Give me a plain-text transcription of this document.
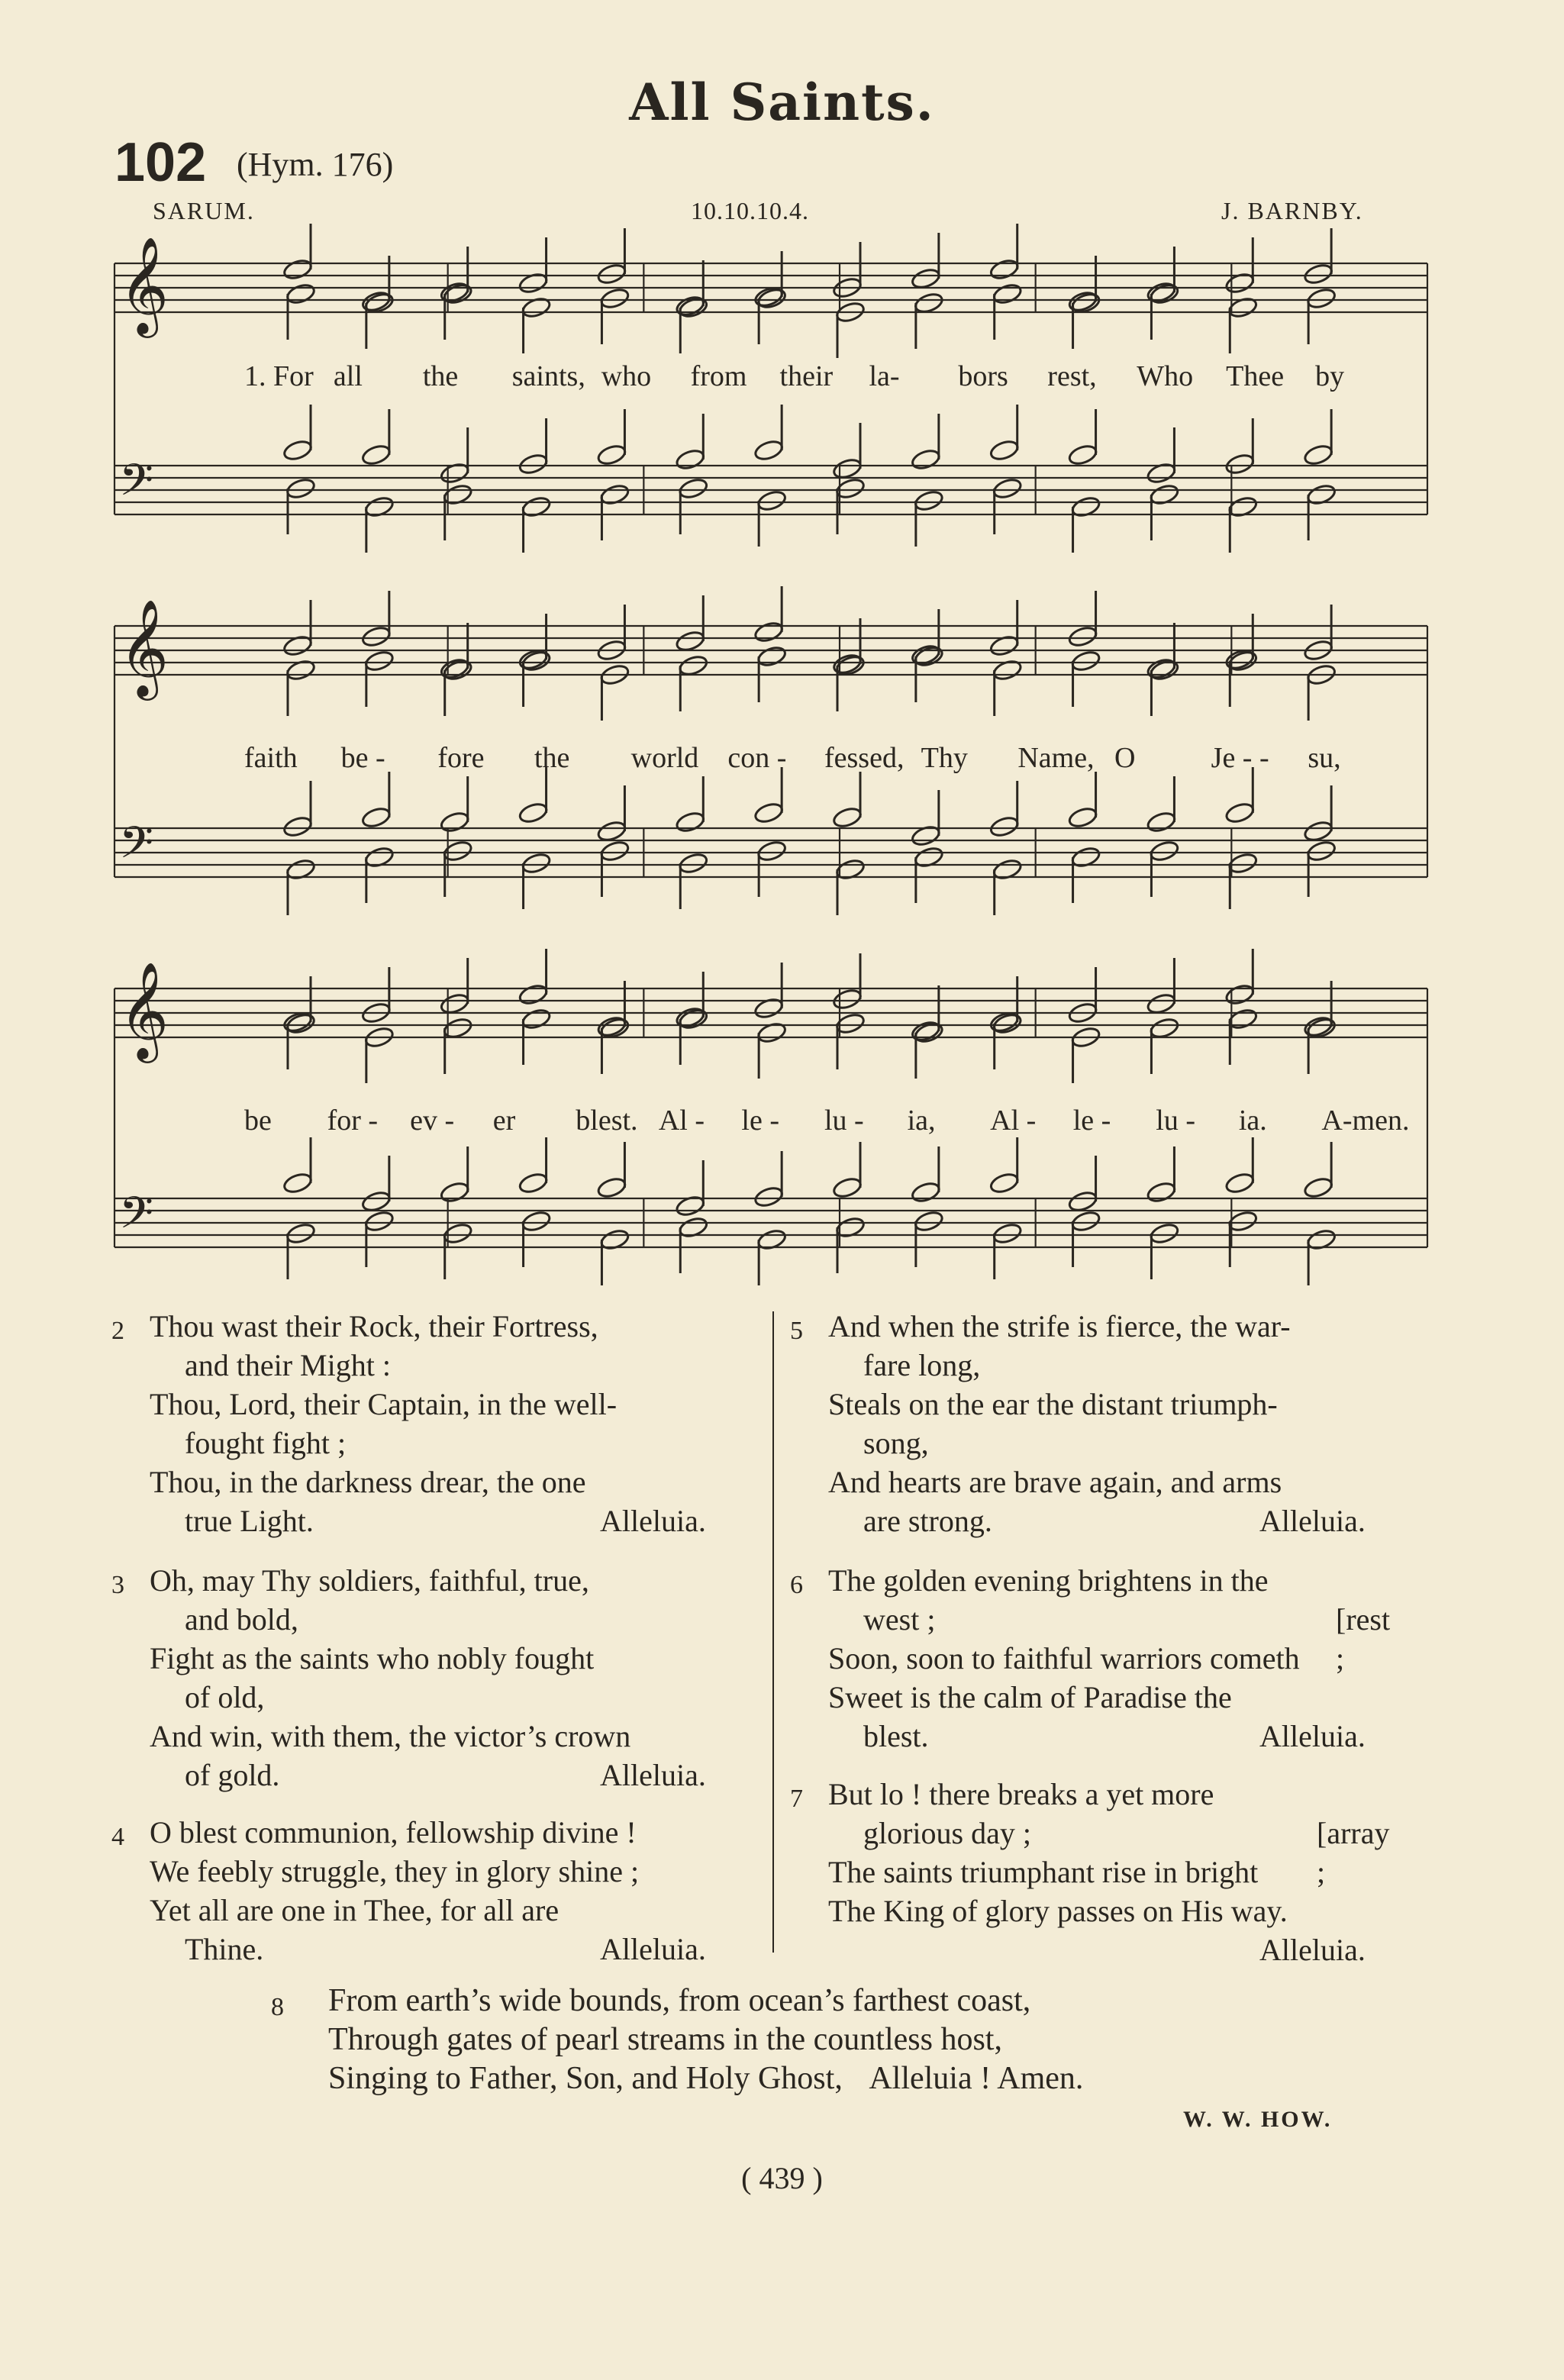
All Saints.
102 (Hym. 176)
SARUM.	10.10.10.4.	J. BARNBY.
𝄞
𝄢
𝄞
𝄢
𝄞
𝄢
1. For all the saints, who from their la- bors rest, Who Thee by
faith be - fore the world con - fessed, Thy Name, O	Je - - su,
be for - ev - er blest. Al - le - lu - ia, Al - le - lu - ia. A-men.
2 Thou wast their Rock, their Fortress,
and their Might :
Thou, Lord, their Captain, in the well-
fought fight ;
Thou, in the darkness drear, the one
true Light.	Alleluia.
3 Oh, may Thy soldiers, faithful, true,
and bold,
Fight as the saints who nobly fought
of old,
And win, with them, the victor’s crown
of gold.	Alleluia.
4 O blest communion, fellowship divine !
We feebly struggle, they in glory shine ;
Yet all are one in Thee, for all are
Thine.	Alleluia.
5 And when the strife is fierce, the war-
fare long,
Steals on the ear the distant triumph-
song,
And hearts are brave again, and arms
are strong.	Alleluia.
6 The golden evening brightens in the
west ;	[rest ;
Soon, soon to faithful warriors cometh
Sweet is the calm of Paradise the
blest.	Alleluia.
7 But lo ! there breaks a yet more
glorious day ;	[array ;
The saints triumphant rise in bright
The King of glory passes on His way.
Alleluia.
8	From earth’s wide bounds, from ocean’s farthest coast,
Through gates of pearl streams in the countless host,
Singing to Father, Son, and Holy Ghost, Alleluia ! Amen.
W. W. HOW.
( 439 )
